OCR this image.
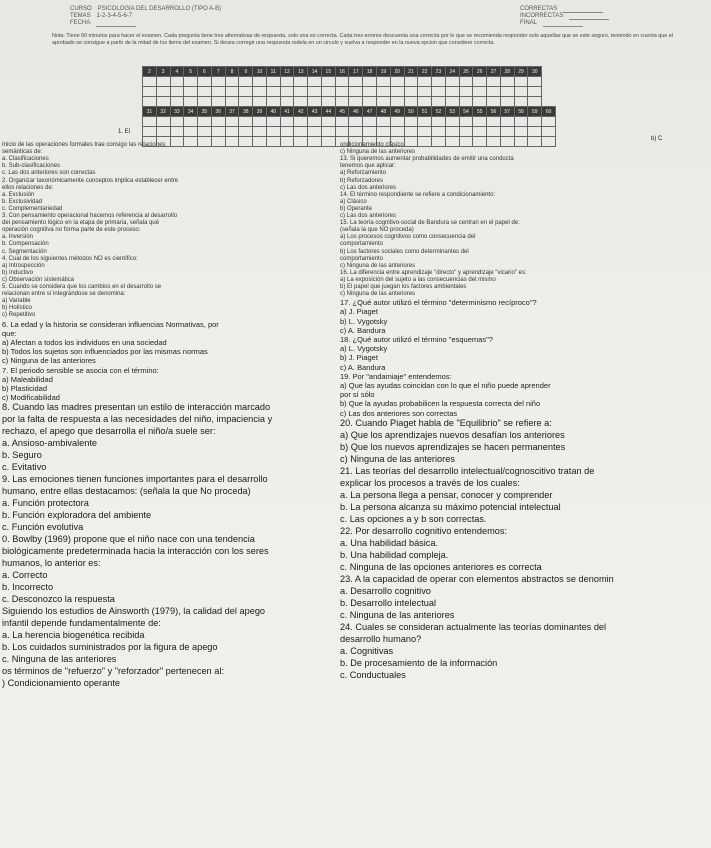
CURSO PSICOLOGIA DEL DESARROLLO (TIPO A-B)
TEMAS 1-2-3-4-5-6-7
FECHA
CORRECTAS
INCORRECTAS
FINAL
Nota: Tiene 60 minutos para hacer el examen. Cada pregunta tiene tres alternativas de respuesta, solo una es correcta. Cada tres errores descuenta una correcta por lo que se recomienda responder solo aquellas que se este seguro, teniendo en cuenta que el aprobado se consigue a partir de la mitad de los items del examen. Si desea corregir una respuesta rodela en un circulo y vuelva a responder en la nueva opcion que considere correcta.
2	3	4	5	6	7	8	9	10	11	12	13	14	15	16	17	18	19	20	21	22	23	24	25	26	27	28	29	30	

31	32	33	34	35	36	37	38	39	40	41	42	43	44	45	46	47	48	49	50	51	52	53	54	55	56	57	58	59	60

1. El
b) C
Inicio de las operaciones formales trae consigo las relaciones
semánticas de:
a. Clasificaciones
b. Sub-clasificaciones
c. Las dos anteriores son correctas
2. Organizar taxonómicamente conceptos implica establecer entre
ellos relaciones de:
a. Exclusión
b. Exclusividad
c. Complementariedad
3. Con pensamiento operacional hacemos referencia al desarrollo
del pensamiento lógico en la etapa de primaria, señala qué
operación cognitiva no forma parte de este proceso:
a. Inversión
b. Compensación
c. Segmentación
4. Cual de los siguientes métodos NO es científico:
a) Introspección
b) Inductivo
c) Observación sistemática
5. Cuando se considera que los cambios en el desarrollo se
relacionan entre sí integrándose se denomina:
a) Variable
b) Holístico
c) Repetitivo
6. La edad y la historia se consideran influencias Normativas, por
que:
a) Afectan a todos los individuos en una sociedad
b) Todos los sujetos son influenciados por las mismas normas
c) Ninguna de las anteriores
7. El periodo sensible se asocia con el término:
a) Maleabilidad
b) Plasticidad
c) Modificabilidad
8. Cuando las madres presentan un estilo de interacción marcado
por la falta de respuesta a las necesidades del niño, impaciencia y
rechazo, el apego que desarrolla el niño/a suele ser:
a. Ansioso-ambivalente
b. Seguro
c. Evitativo
9. Las emociones tienen funciones importantes para el desarrollo
humano, entre ellas destacamos: (señala la que No proceda)
a. Función protectora
b. Función exploradora del ambiente
c. Función evolutiva
0. Bowlby (1969) propone que el niño nace con una tendencia
biológicamente predeterminada hacia la interacción con los seres
humanos, lo anterior es:
a. Correcto
b. Incorrecto
c. Desconozco la respuesta
Siguiendo los estudios de Ainsworth (1979), la calidad del apego
infantil depende fundamentalmente de:
a. La herencia biogenética recibida
b. Los cuidados suministrados por la figura de apego
c. Ninguna de las anteriores
os términos de "refuerzo" y "reforzador" pertenecen al:
) Condicionamiento operante
ondicionamiento clásico
c) Ninguna de las anteriores
13. Si queremos aumentar probabilidades de emitir una conducta
tenemos que aplicar:
a) Reforzamiento
b) Reforzadores
c) Las dos anteriores
14. El término respondiente se refiere a condicionamiento:
a) Clásico
b) Operante
c) Las dos anteriores
15. La teoría cognitivo-social de Bandura se centran en el papel de:
(señala la que NO proceda)
a) Los procesos cognitivos como consecuencia del
comportamiento
b) Los factores sociales como determinantes del
comportamiento
c) Ninguna de las anteriores
16. La diferencia entre aprendizaje "directo" y aprendizaje "vicario" es:
a) La exposición del sujeto a las consecuencias del mismo
b) El papel que juegan los factores ambientales
c) Ninguna de las anteriores
17. ¿Qué autor utilizó el término "determinismo recíproco"?
a) J. Piaget
b) L. Vygotsky
c) A. Bandura
18. ¿Qué autor utilizó el término "esquemas"?
a) L. Vygotsky
b) J. Piaget
c) A. Bandura
19. Por "andamiaje" entendemos:
a) Que las ayudas coincidan con lo que el niño puede aprender
por sí sólo
b) Que la ayudas probabilicen la respuesta correcta del niño
c) Las dos anteriores son correctas
20. Cuando Piaget habla de "Equilibrio" se refiere a:
a) Que los aprendizajes nuevos desafían los anteriores
b) Que los nuevos aprendizajes se hacen permanentes
c) Ninguna de las anteriores
21. Las teorías del desarrollo intelectual/cognoscitivo tratan de
explicar los procesos a través de los cuales:
a. La persona llega a pensar, conocer y comprender
b. La persona alcanza su máximo potencial intelectual
c. Las opciones a y b son correctas.
22. Por desarrollo cognitivo entendemos:
a. Una habilidad básica.
b. Una habilidad compleja.
c. Ninguna de las opciones anteriores es correcta
23. A la capacidad de operar con elementos abstractos se denomin
a. Desarrollo cognitivo
b. Desarrollo intelectual
c. Ninguna de las anteriores
24. Cuales se consideran actualmente las teorías dominantes del
desarrollo humano?
a. Cognitivas
b. De procesamiento de la información
c. Conductuales
